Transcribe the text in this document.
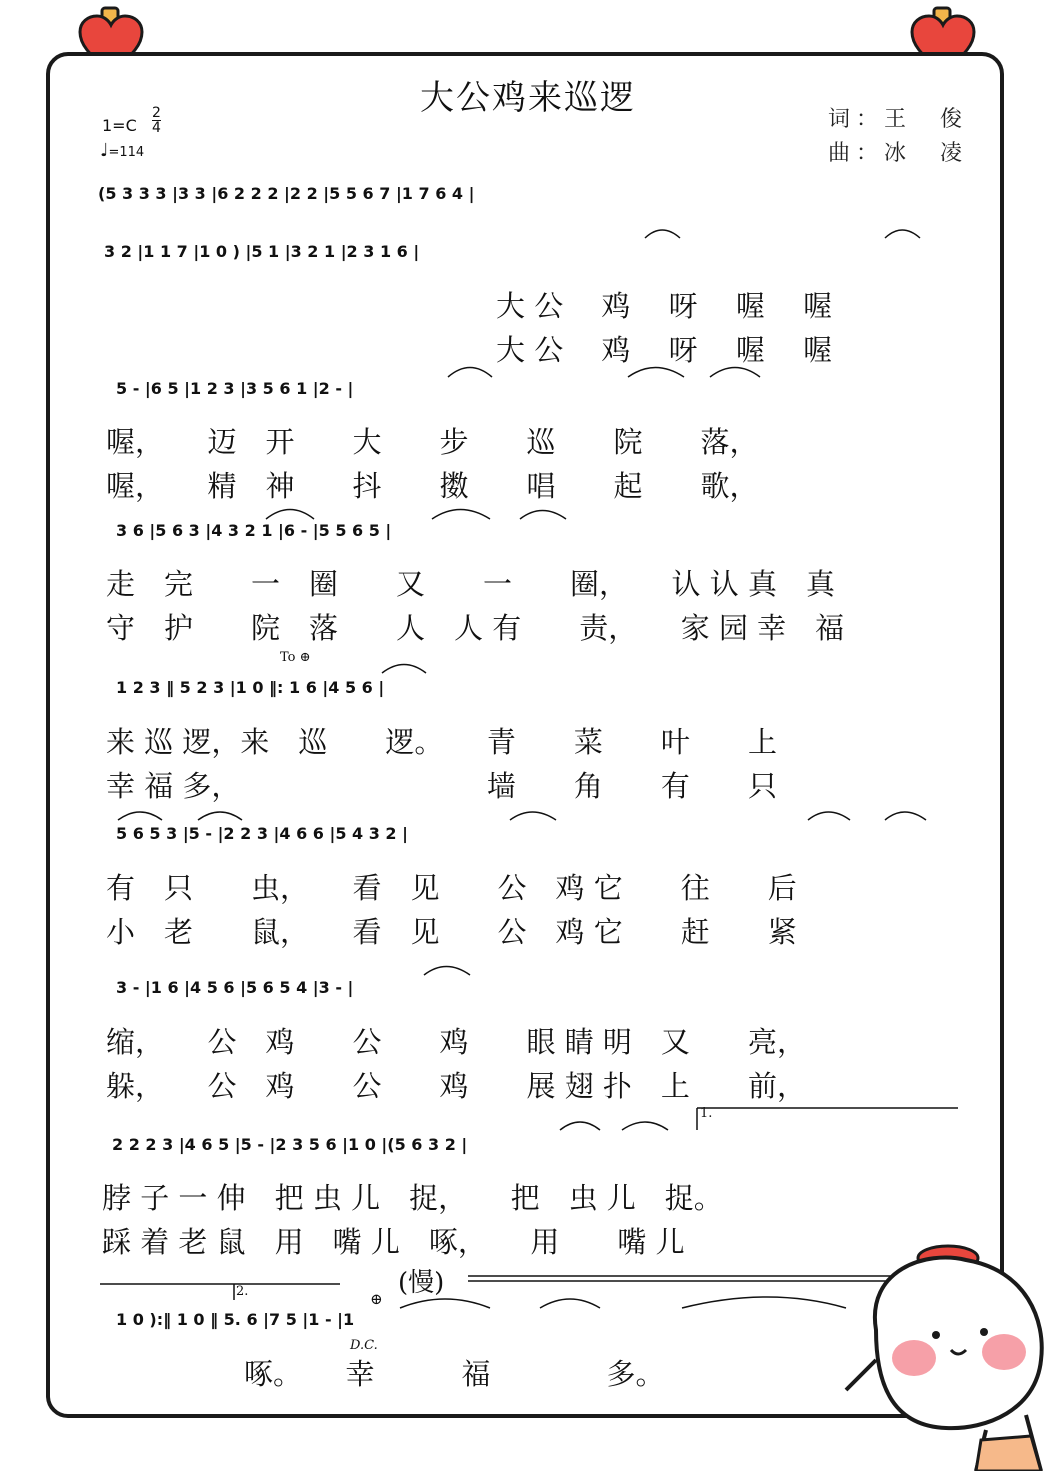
大公鸡来巡逻
词：王　俊
曲：冰　凌
$1=C \frac{2}{4}$
♩=114
(5 3 3 3 |3 3 |6 2 2 2 |2 2 |5 5 6 7 |1 7 6 4 |
3 2 |1 1 7 |1 0 ) |5 1 |3 2 1 |2 3 1 6 |
5 - |6 5 |1 2 3 |3 5 6 1 |2 - |
3 6 |5 6 3 |4 3 2 1 |6 - |5 5 6 5 |
1 2 3 ‖ 5 2 3 |1 0 ‖: 1 6 |4 5 6 |
5 6 5 3 |5 - |2 2 3 |4 6 6 |5 4 3 2 |
3 - |1 6 |4 5 6 |5 6 5 4 |3 - |
2 2 2 3 |4 6 5 |5 - |2 3 5 6 |1 0 |(5 6 3 2 |
1 0 ):‖ 1 0 ‖ 5. 6 |7 5 |1 - |1
大 公　 鸡　 呀　 喔　 喔
大 公　 鸡　 呀　 喔　 喔
喔，　　迈　开　　大　　步　　巡　　院　　落，
喔，　　精　神　　抖　　擞　　唱　　起　　歌，
走　完　　一　圈　　又　　一　　圈，　　认 认 真　真
守　护　　院　落　　人　人 有　　责，　　家 园 幸　福
来 巡 逻，来　巡　　逻。　　青　　菜　　叶　　上
幸 福 多，　　　　　　　　　墙　　角　　有　　只
有　只　　虫，　　看　见　　公　鸡 它　　往　　后
小　老　　鼠，　　看　见　　公　鸡 它　　赶　　紧
缩，　　公　鸡　　公　　鸡　　眼 睛 明　又　　亮，
躲，　　公　鸡　　公　　鸡　　展 翅 扑　上　　前，
脖 子 一 伸　把 虫 儿　捉，　　把　虫 儿　捉。
踩 着 老 鼠　用　嘴 儿　啄，　　用　　嘴 儿
啄。　　幸　　　福　　　　多。
To ⊕
D.C.
⊕
1.
2.	(慢)
